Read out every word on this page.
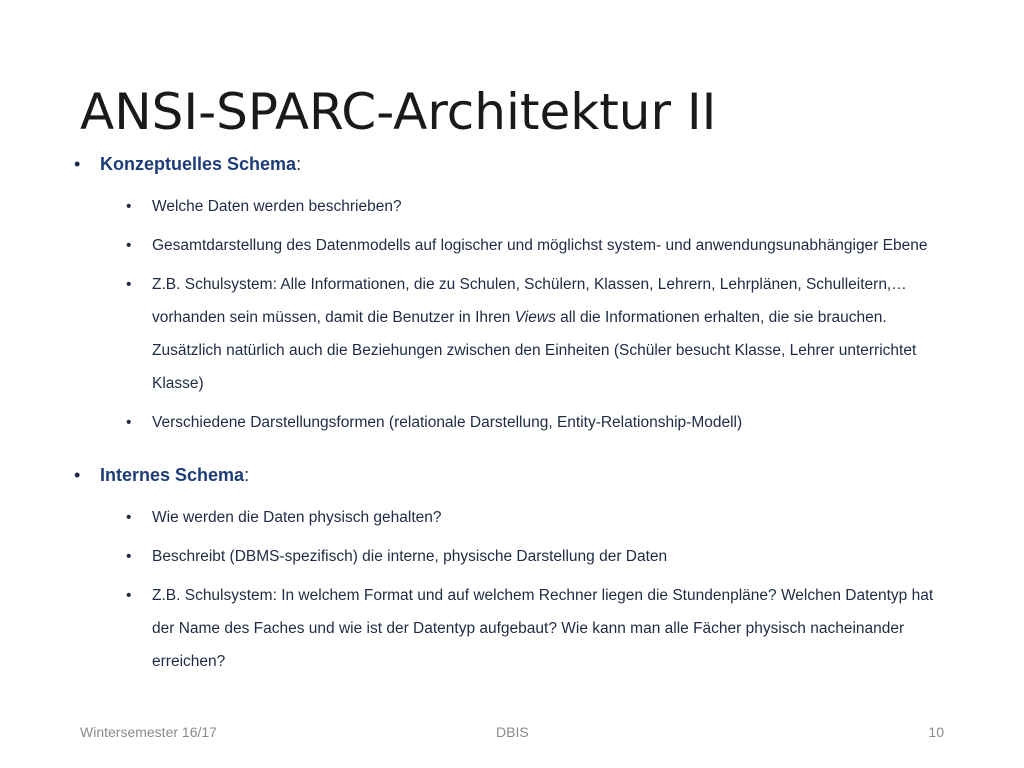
ANSI-SPARC-Architektur II
• Konzeptuelles Schema:
• Welche Daten werden beschrieben?
• Gesamtdarstellung des Datenmodells auf logischer und möglichst system- und anwendungsunabhängiger Ebene
• Z.B. Schulsystem: Alle Informationen, die zu Schulen, Schülern, Klassen, Lehrern, Lehrplänen, Schulleitern,… vorhanden sein müssen, damit die Benutzer in Ihren Views all die Informationen erhalten, die sie brauchen. Zusätzlich natürlich auch die Beziehungen zwischen den Einheiten (Schüler besucht Klasse, Lehrer unterrichtet Klasse)
• Verschiedene Darstellungsformen (relationale Darstellung, Entity-Relationship-Modell)
• Internes Schema:
• Wie werden die Daten physisch gehalten?
• Beschreibt (DBMS-spezifisch) die interne, physische Darstellung der Daten
• Z.B. Schulsystem: In welchem Format und auf welchem Rechner liegen die Stundenpläne? Welchen Datentyp hat der Name des Faches und wie ist der Datentyp aufgebaut? Wie kann man alle Fächer physisch nacheinander erreichen?
Wintersemester 16/17	DBIS	10
